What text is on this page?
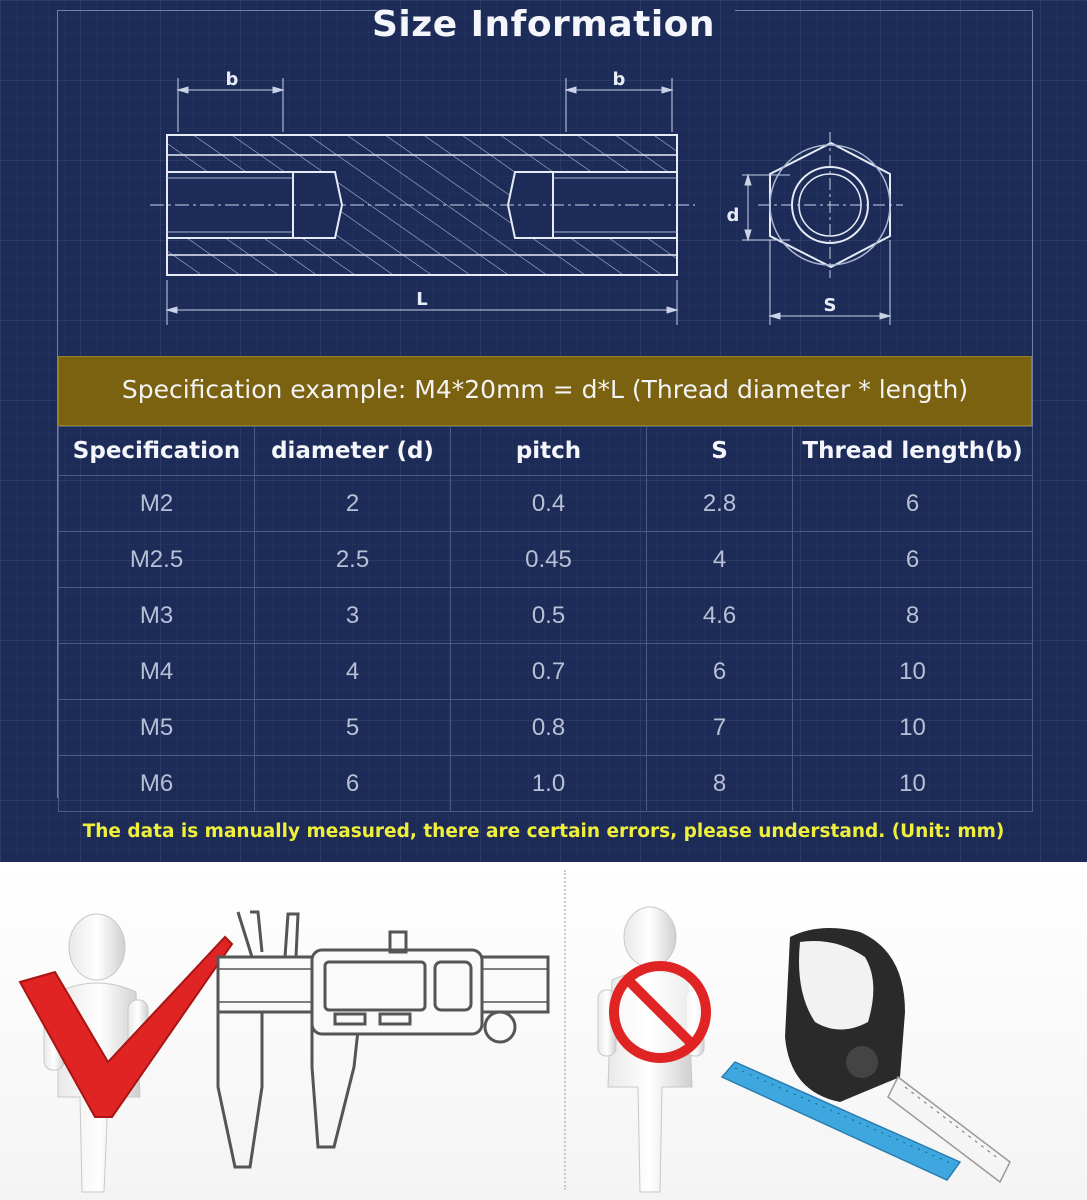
Size Information
b	b
L
d
S
Specification example: M4*20mm = d*L (Thread diameter * length)
Specification	diameter (d)	pitch	S	Thread length(b)
M2	2	0.4	2.8	6
M2.5	2.5	0.45	4	6
M3	3	0.5	4.6	8
M4	4	0.7	6	10
M5	5	0.8	7	10
M6	6	1.0	8	10
The data is manually measured, there are certain errors, please understand. (Unit: mm)
